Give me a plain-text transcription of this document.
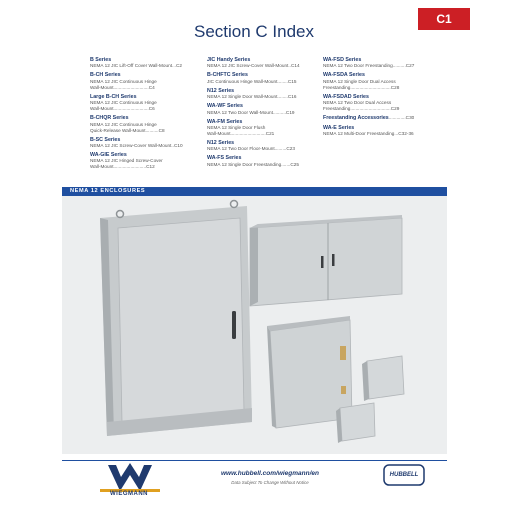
Section C Index
C1
B Series
NEMA 12 JIC Lift-Off Cover Wall-Mount...C2
B-CH Series
NEMA 12 JIC Continuous Hinge
Wall-Mount...........................C4
Large B-CH Series
NEMA 12 JIC Continuous Hinge
Wall-Mount...........................C6
B-CHQR Series
NEMA 12 JIC Continuous Hinge
Quick-Release Wall-Mount..........C8
B-SC Series
NEMA 12 JIC Screw-Cover Wall-Mount..C10
WA-GIE Series
NEMA 12 JIC Hinged Screw-Cover
Wall-Mount.........................C12
JIC Handy Series
NEMA 12 JIC Screw-Cover Wall-Mount..C14
B-CHFTC Series
JIC Continuous Hinge Wall-Mount........C15
N12 Series
NEMA 12 Single Door Wall-Mount........C16
WA-WF Series
NEMA 12 Two Door Wall-Mount..........C19
WA-FM Series
NEMA 12 Single Door Flush
Wall-Mount...........................C21
N12 Series
NEMA 12 Two Door Floor-Mount.........C23
WA-FS Series
NEMA 12 Single Door Freestanding.......C25
WA-FSD Series
NEMA 12 Two Door Freestanding..........C27
WA-FSDA Series
NEMA 12 Single Door Dual Access
Freestanding...............................C28
WA-FSDAD Series
NEMA 12 Two Door Dual Access
Freestanding...............................C29
Freestanding Accessories .............C30
WA-E Series
NEMA 12 Multi-Door Freestanding...C32-36
NEMA 12 ENCLOSURES
WIEGMANN
www.hubbell.com/wiegmann/en
Data Subject To Change Without Notice
HUBBELL
